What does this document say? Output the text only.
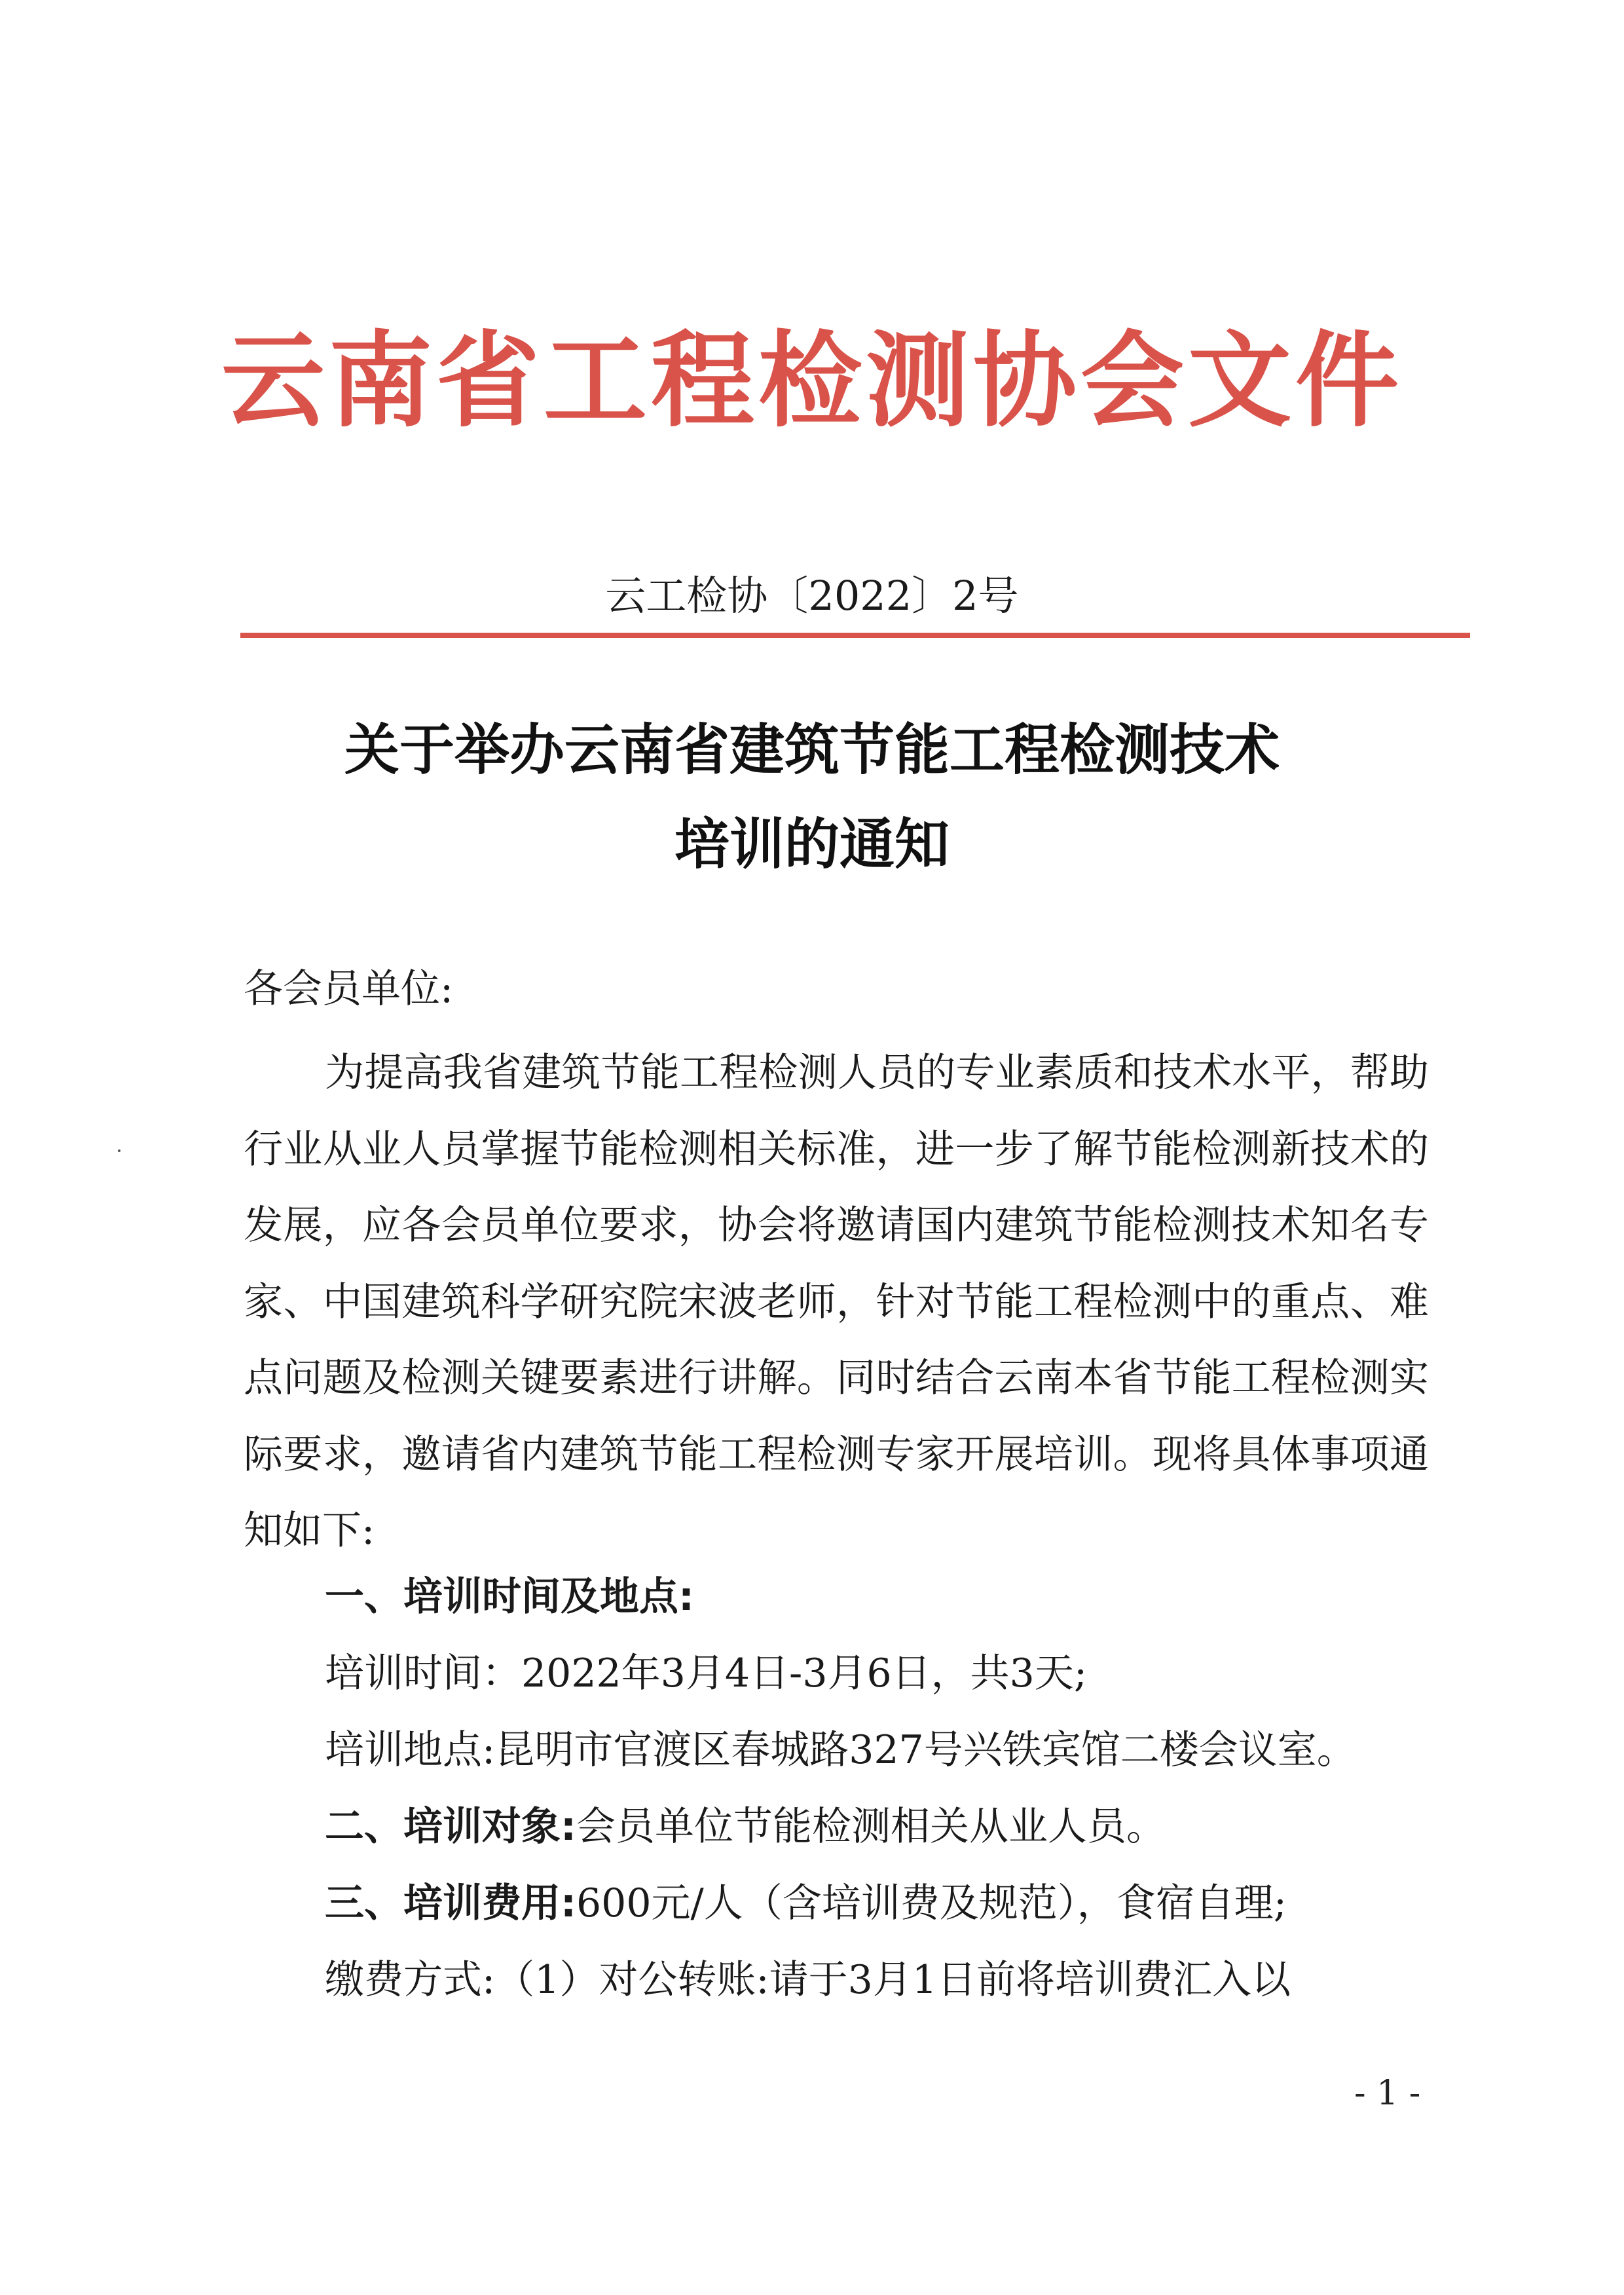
云南省工程检测协会文件
云工检协〔2022〕2号
关于举办云南省建筑节能工程检测技术
培训的通知
各会员单位:

为提高我省建筑节能工程检测人员的专业素质和技术水平，帮助行业从业人员掌握节能检测相关标准，进一步了解节能检测新技术的发展，应各会员单位要求，协会将邀请国内建筑节能检测技术知名专家、中国建筑科学研究院宋波老师，针对节能工程检测中的重点、难点问题及检测关键要素进行讲解。同时结合云南本省节能工程检测实际要求，邀请省内建筑节能工程检测专家开展培训。现将具体事项通知如下:

一、培训时间及地点:
培训时间：2022年3月4日-3月6日，共3天;
培训地点:昆明市官渡区春城路327号兴铁宾馆二楼会议室。
二、培训对象:会员单位节能检测相关从业人员。
三、培训费用:600元/人（含培训费及规范），食宿自理;
缴费方式:（1）对公转账:请于3月1日前将培训费汇入以
- 1 -
